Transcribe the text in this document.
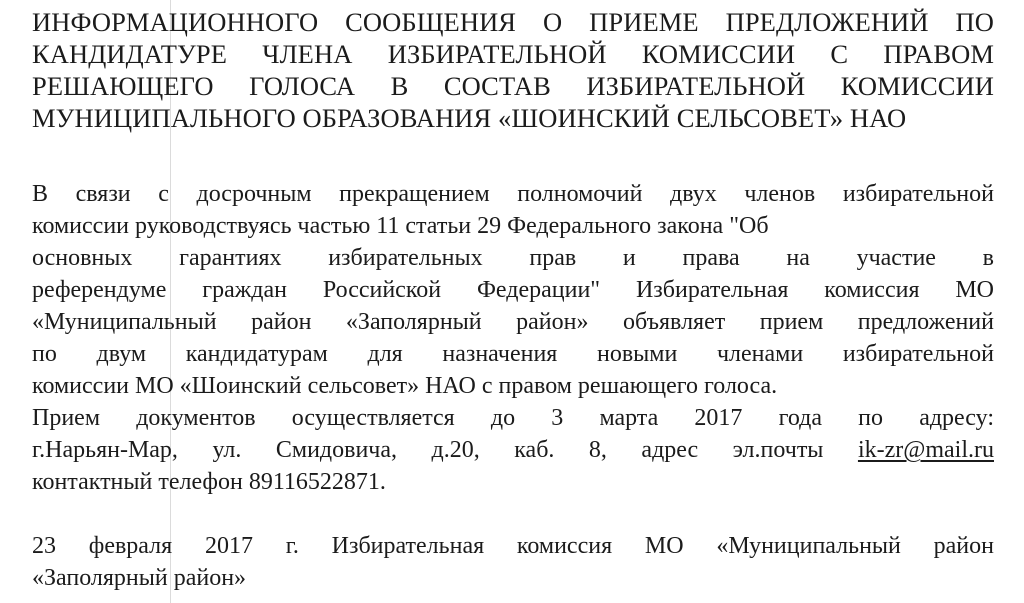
ИНФОРМАЦИОННОГО СООБЩЕНИЯ О ПРИЕМЕ ПРЕДЛОЖЕНИЙ ПО
КАНДИДАТУРЕ ЧЛЕНА ИЗБИРАТЕЛЬНОЙ КОМИССИИ С ПРАВОМ
РЕШАЮЩЕГО ГОЛОСА В СОСТАВ ИЗБИРАТЕЛЬНОЙ КОМИССИИ
МУНИЦИПАЛЬНОГО ОБРАЗОВАНИЯ «ШОИНСКИЙ СЕЛЬСОВЕТ» НАО
В связи с досрочным прекращением полномочий двух членов избирательной
комиссии руководствуясь частью 11 статьи 29 Федерального закона "Об
основных гарантиях избирательных прав и права на участие в
референдуме граждан Российской Федерации" Избирательная комиссия МО
«Муниципальный район «Заполярный район» объявляет прием предложений
по двум кандидатурам для назначения новыми членами избирательной
комиссии МО «Шоинский сельсовет» НАО с правом решающего голоса.
Прием документов осуществляется до 3 марта 2017 года по адресу:
г.Нарьян-Мар, ул. Смидовича, д.20, каб. 8, адрес эл.почты ik-zr@mail.ru
контактный телефон 89116522871.
23 февраля 2017 г. Избирательная комиссия МО «Муниципальный район
«Заполярный район»
